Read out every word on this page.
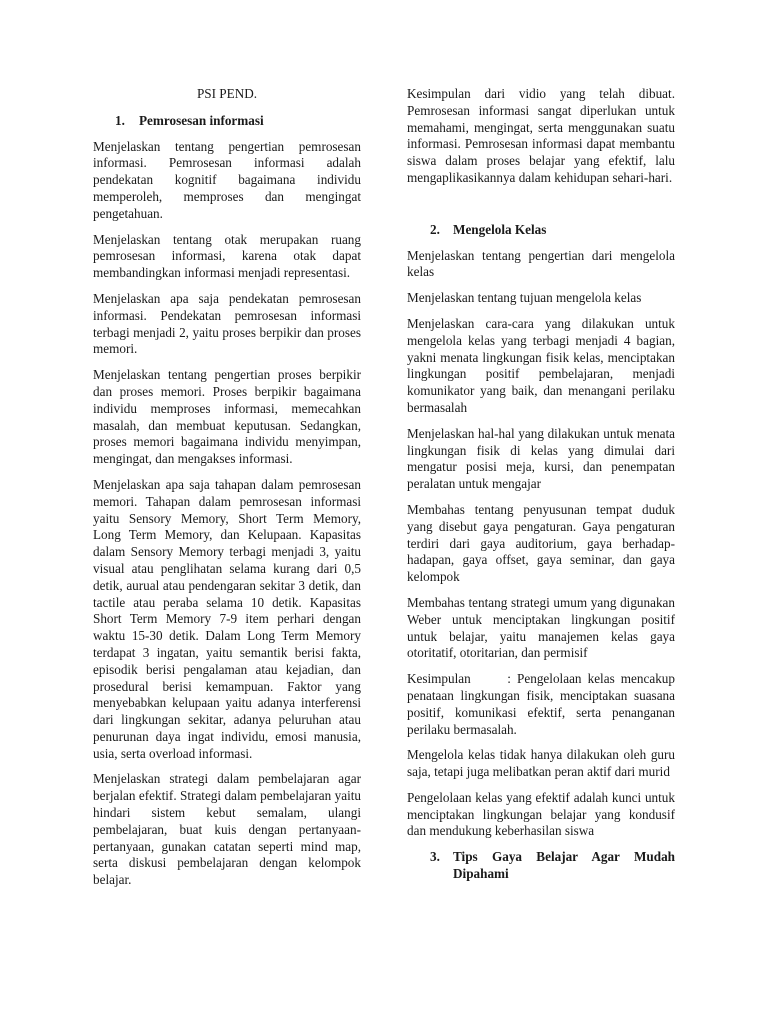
PSI PEND.
1.	Pemrosesan informasi

Menjelaskan tentang pengertian pemrosesan informasi. Pemrosesan informasi adalah pendekatan kognitif bagaimana individu memperoleh, memproses dan mengingat pengetahuan.

Menjelaskan tentang otak merupakan ruang pemrosesan informasi, karena otak dapat membandingkan informasi menjadi representasi.

Menjelaskan apa saja pendekatan pemrosesan informasi. Pendekatan pemrosesan informasi terbagi menjadi 2, yaitu proses berpikir dan proses memori.

Menjelaskan tentang pengertian proses berpikir dan proses memori. Proses berpikir bagaimana individu memproses informasi, memecahkan masalah, dan membuat keputusan. Sedangkan, proses memori bagaimana individu menyimpan, mengingat, dan mengakses informasi.

Menjelaskan apa saja tahapan dalam pemrosesan memori. Tahapan dalam pemrosesan informasi yaitu Sensory Memory, Short Term Memory, Long Term Memory, dan Kelupaan. Kapasitas dalam Sensory Memory terbagi menjadi 3, yaitu visual atau penglihatan selama kurang dari 0,5 detik, aurual atau pendengaran sekitar 3 detik, dan tactile atau peraba selama 10 detik. Kapasitas Short Term Memory 7-9 item perhari dengan waktu 15-30 detik. Dalam Long Term Memory terdapat 3 ingatan, yaitu semantik berisi fakta, episodik berisi pengalaman atau kejadian, dan prosedural berisi kemampuan. Faktor yang menyebabkan kelupaan yaitu adanya interferensi dari lingkungan sekitar, adanya peluruhan atau penurunan daya ingat individu, emosi manusia, usia, serta overload informasi.

Menjelaskan strategi dalam pembelajaran agar berjalan efektif. Strategi dalam pembelajaran yaitu hindari sistem kebut semalam, ulangi pembelajaran, buat kuis dengan pertanyaan-pertanyaan, gunakan catatan seperti mind map, serta diskusi pembelajaran dengan kelompok belajar.

Kesimpulan dari vidio yang telah dibuat. Pemrosesan informasi sangat diperlukan untuk memahami, mengingat, serta menggunakan suatu informasi. Pemrosesan informasi dapat membantu siswa dalam proses belajar yang efektif, lalu mengaplikasikannya dalam kehidupan sehari-hari.

2. Mengelola Kelas

Menjelaskan tentang pengertian dari mengelola kelas

Menjelaskan tentang tujuan mengelola kelas

Menjelaskan cara-cara yang dilakukan untuk mengelola kelas yang terbagi menjadi 4 bagian, yakni menata lingkungan fisik kelas, menciptakan lingkungan positif pembelajaran, menjadi komunikator yang baik, dan menangani perilaku bermasalah

Menjelaskan hal-hal yang dilakukan untuk menata lingkungan fisik di kelas yang dimulai dari mengatur posisi meja, kursi, dan penempatan peralatan untuk mengajar

Membahas tentang penyusunan tempat duduk yang disebut gaya pengaturan. Gaya pengaturan terdiri dari gaya auditorium, gaya berhadap-hadapan, gaya offset, gaya seminar, dan gaya kelompok

Membahas tentang strategi umum yang digunakan Weber untuk menciptakan lingkungan positif untuk belajar, yaitu manajemen kelas gaya otoritatif, otoritarian, dan permisif

Kesimpulan      : Pengelolaan kelas mencakup penataan lingkungan fisik, menciptakan suasana positif, komunikasi efektif, serta penanganan perilaku bermasalah.

Mengelola kelas tidak hanya dilakukan oleh guru saja, tetapi juga melibatkan peran aktif dari murid

Pengelolaan kelas yang efektif adalah kunci untuk menciptakan lingkungan belajar yang kondusif dan mendukung keberhasilan siswa

3. Tips Gaya Belajar Agar Mudah Dipahami
